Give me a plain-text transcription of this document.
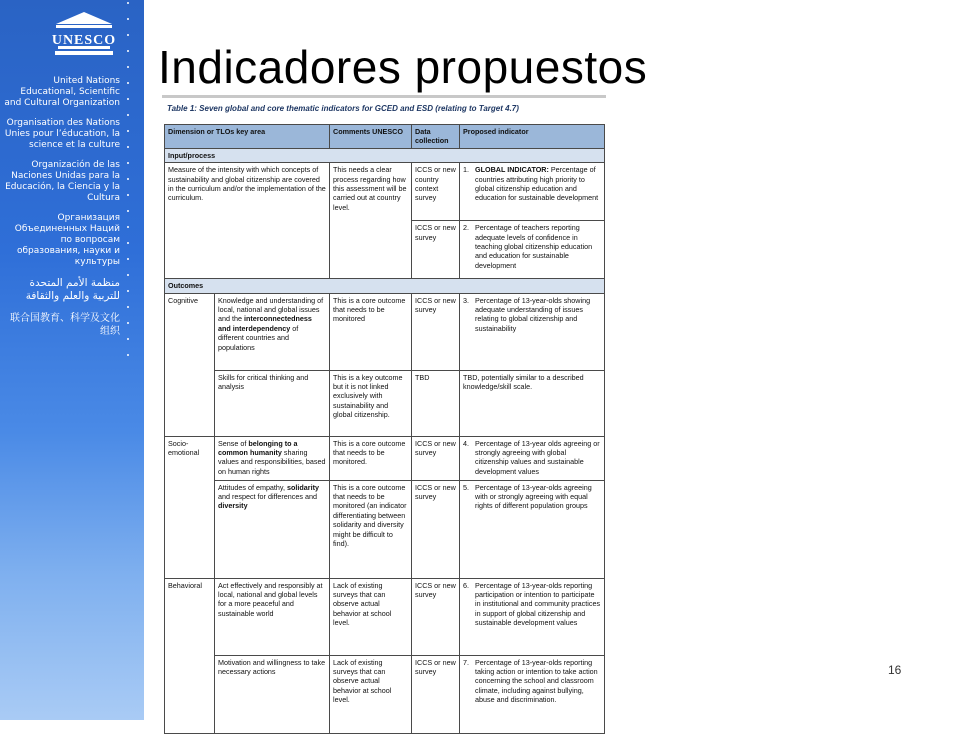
UNESCO
United Nations Educational, Scientific and Cultural Organization
Organisation des Nations Unies pour l’éducation, la science et la culture
Organización de las Naciones Unidas para la Educación, la Ciencia y la Cultura
Организация Объединенных Наций по вопросам образования, науки и культуры
منظمة الأمم المتحدة للتربية والعلم والثقافة
联合国教育、科学及文化组织
Indicadores propuestos
Table 1: Seven global and core thematic indicators for GCED and ESD (relating to Target 4.7)
Dimension or TLOs key area		Comments UNESCO	Data collection	Proposed indicator
Input/process				
Measure of the intensity with which concepts of sustainability and global citizenship are covered in the curriculum and/or the implementation of the curriculum.		This needs a clear process regarding how this assessment will be carried out at country level.	ICCS or new country context survey	1. GLOBAL INDICATOR: Percentage of countries attributing high priority to global citizenship education and education for sustainable development

			ICCS or new survey	2. Percentage of teachers reporting adequate levels of confidence in teaching global citizenship education and education for sustainable development

Outcomes				
Cognitive	Knowledge and understanding of local, national and global issues and the interconnectedness and interdependency of different countries and populations	This is a core outcome that needs to be monitored	ICCS or new survey	3. Percentage of 13-year-olds showing adequate understanding of issues relating to global citizenship and sustainability

	Skills for critical thinking and analysis	This is a key outcome but it is not linked exclusively with sustainability and global citizenship.	TBD	TBD, potentially similar to a described knowledge/skill scale.
Socio-emotional	Sense of belonging to a common humanity sharing values and responsibilities, based on human rights	This is a core outcome that needs to be monitored.	ICCS or new survey	4. Percentage of 13-year olds agreeing or strongly agreeing with global citizenship values and sustainable development values

	Attitudes of empathy, solidarity and respect for differences and diversity	This is a core outcome that needs to be monitored (an indicator differentiating between solidarity and diversity might be difficult to find).	ICCS or new survey	5. Percentage of 13-year-olds agreeing with or strongly agreeing with equal rights of different population groups

Behavioral	Act effectively and responsibly at local, national and global levels for a more peaceful and sustainable world	Lack of existing surveys that can observe actual behavior at school level.	ICCS or new survey	6. Percentage of 13-year-olds reporting participation or intention to participate in institutional and community practices in support of global citizenship and sustainable development values

	Motivation and willingness to take necessary actions	Lack of existing surveys that can observe actual behavior at school level.	ICCS or new survey	7. Percentage of 13-year-olds reporting taking action or intention to take action concerning the school and classroom climate, including against bullying, abuse and discrimination.
16
